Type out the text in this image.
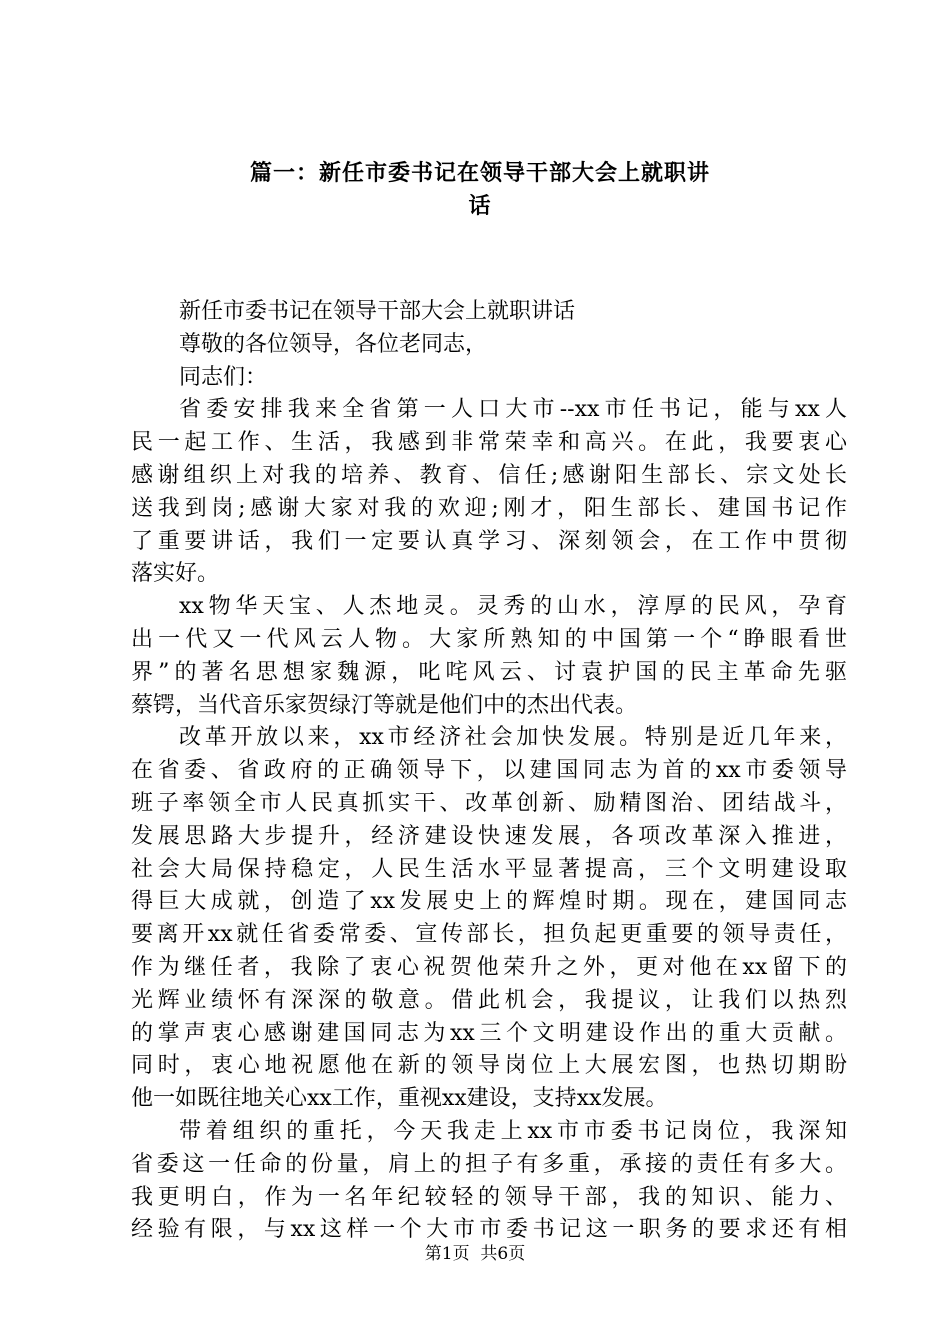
篇一：新任市委书记在领导干部大会上就职讲
话
新任市委书记在领导干部大会上就职讲话
尊敬的各位领导，各位老同志，
同志们：
省委安排我来全省第一人口大市--xx市任书记，能与xx人
民一起工作、生活，我感到非常荣幸和高兴。在此，我要衷心
感谢组织上对我的培养、教育、信任;感谢阳生部长、宗文处长
送我到岗;感谢大家对我的欢迎;刚才，阳生部长、建国书记作
了重要讲话，我们一定要认真学习、深刻领会，在工作中贯彻
落实好。
xx物华天宝、人杰地灵。灵秀的山水，淳厚的民风，孕育
出一代又一代风云人物。大家所熟知的中国第一个“睁眼看世
界”的著名思想家魏源，叱咤风云、讨袁护国的民主革命先驱
蔡锷，当代音乐家贺绿汀等就是他们中的杰出代表。
改革开放以来，xx市经济社会加快发展。特别是近几年来，
在省委、省政府的正确领导下，以建国同志为首的xx市委领导
班子率领全市人民真抓实干、改革创新、励精图治、团结战斗，
发展思路大步提升，经济建设快速发展，各项改革深入推进，
社会大局保持稳定，人民生活水平显著提高，三个文明建设取
得巨大成就，创造了xx发展史上的辉煌时期。现在，建国同志
要离开xx就任省委常委、宣传部长，担负起更重要的领导责任，
作为继任者，我除了衷心祝贺他荣升之外，更对他在xx留下的
光辉业绩怀有深深的敬意。借此机会，我提议，让我们以热烈
的掌声衷心感谢建国同志为xx三个文明建设作出的重大贡献。
同时，衷心地祝愿他在新的领导岗位上大展宏图，也热切期盼
他一如既往地关心xx工作，重视xx建设，支持xx发展。
带着组织的重托，今天我走上xx市市委书记岗位，我深知
省委这一任命的份量，肩上的担子有多重，承接的责任有多大。
我更明白，作为一名年纪较轻的领导干部，我的知识、能力、
经验有限，与xx这样一个大市市委书记这一职务的要求还有相
第1页  共6页
